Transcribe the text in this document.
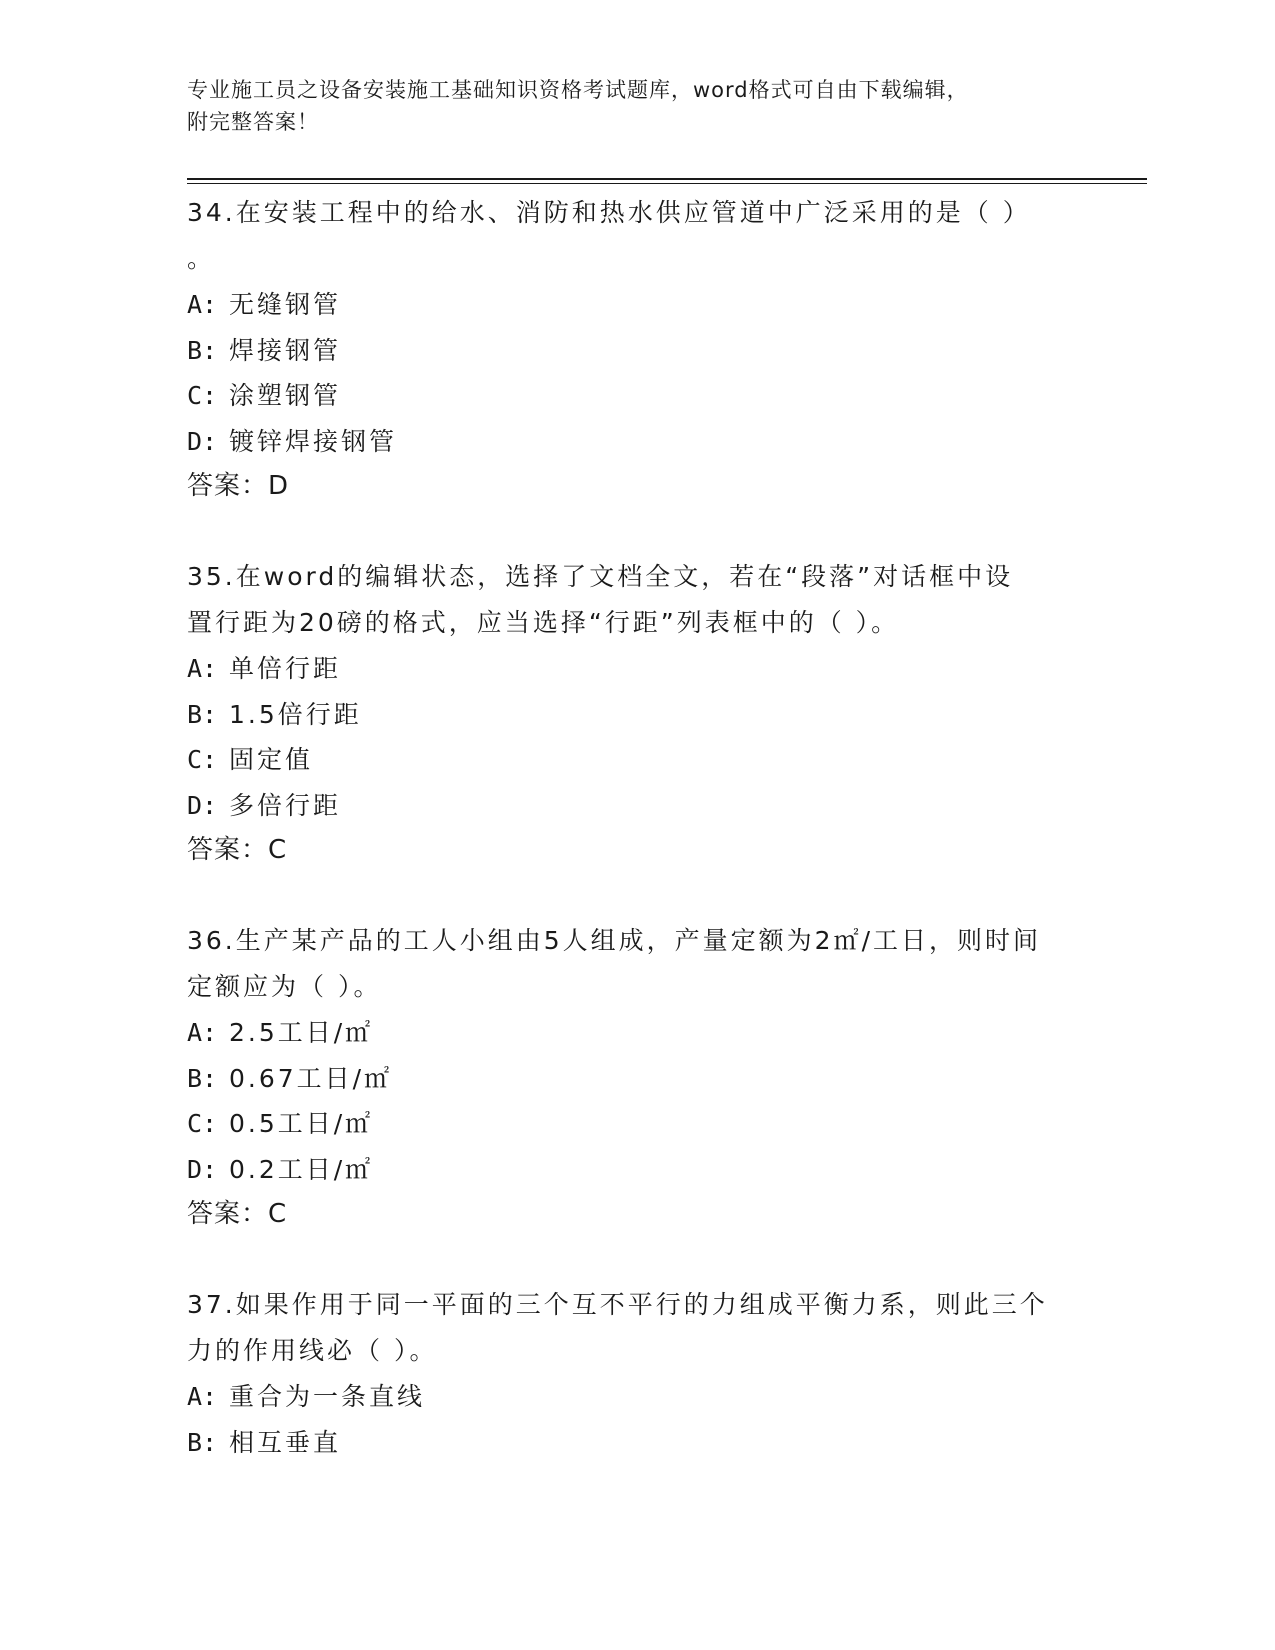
专业施工员之设备安装施工基础知识资格考试题库，word格式可自由下载编辑，
附完整答案！
34.在安装工程中的给水、消防和热水供应管道中广泛采用的是（ ）
。
A: 无缝钢管
B: 焊接钢管
C: 涂塑钢管
D: 镀锌焊接钢管
答案：D
35.在word的编辑状态，选择了文档全文，若在“段落”对话框中设
置行距为20磅的格式，应当选择“行距”列表框中的（ ）。
A: 单倍行距
B: 1.5倍行距
C: 固定值
D: 多倍行距
答案：C
36.生产某产品的工人小组由5人组成，产量定额为2㎡/工日，则时间
定额应为（ ）。
A: 2.5工日/㎡
B: 0.67工日/㎡
C: 0.5工日/㎡
D: 0.2工日/㎡
答案：C
37.如果作用于同一平面的三个互不平行的力组成平衡力系，则此三个
力的作用线必（ ）。
A: 重合为一条直线
B: 相互垂直
